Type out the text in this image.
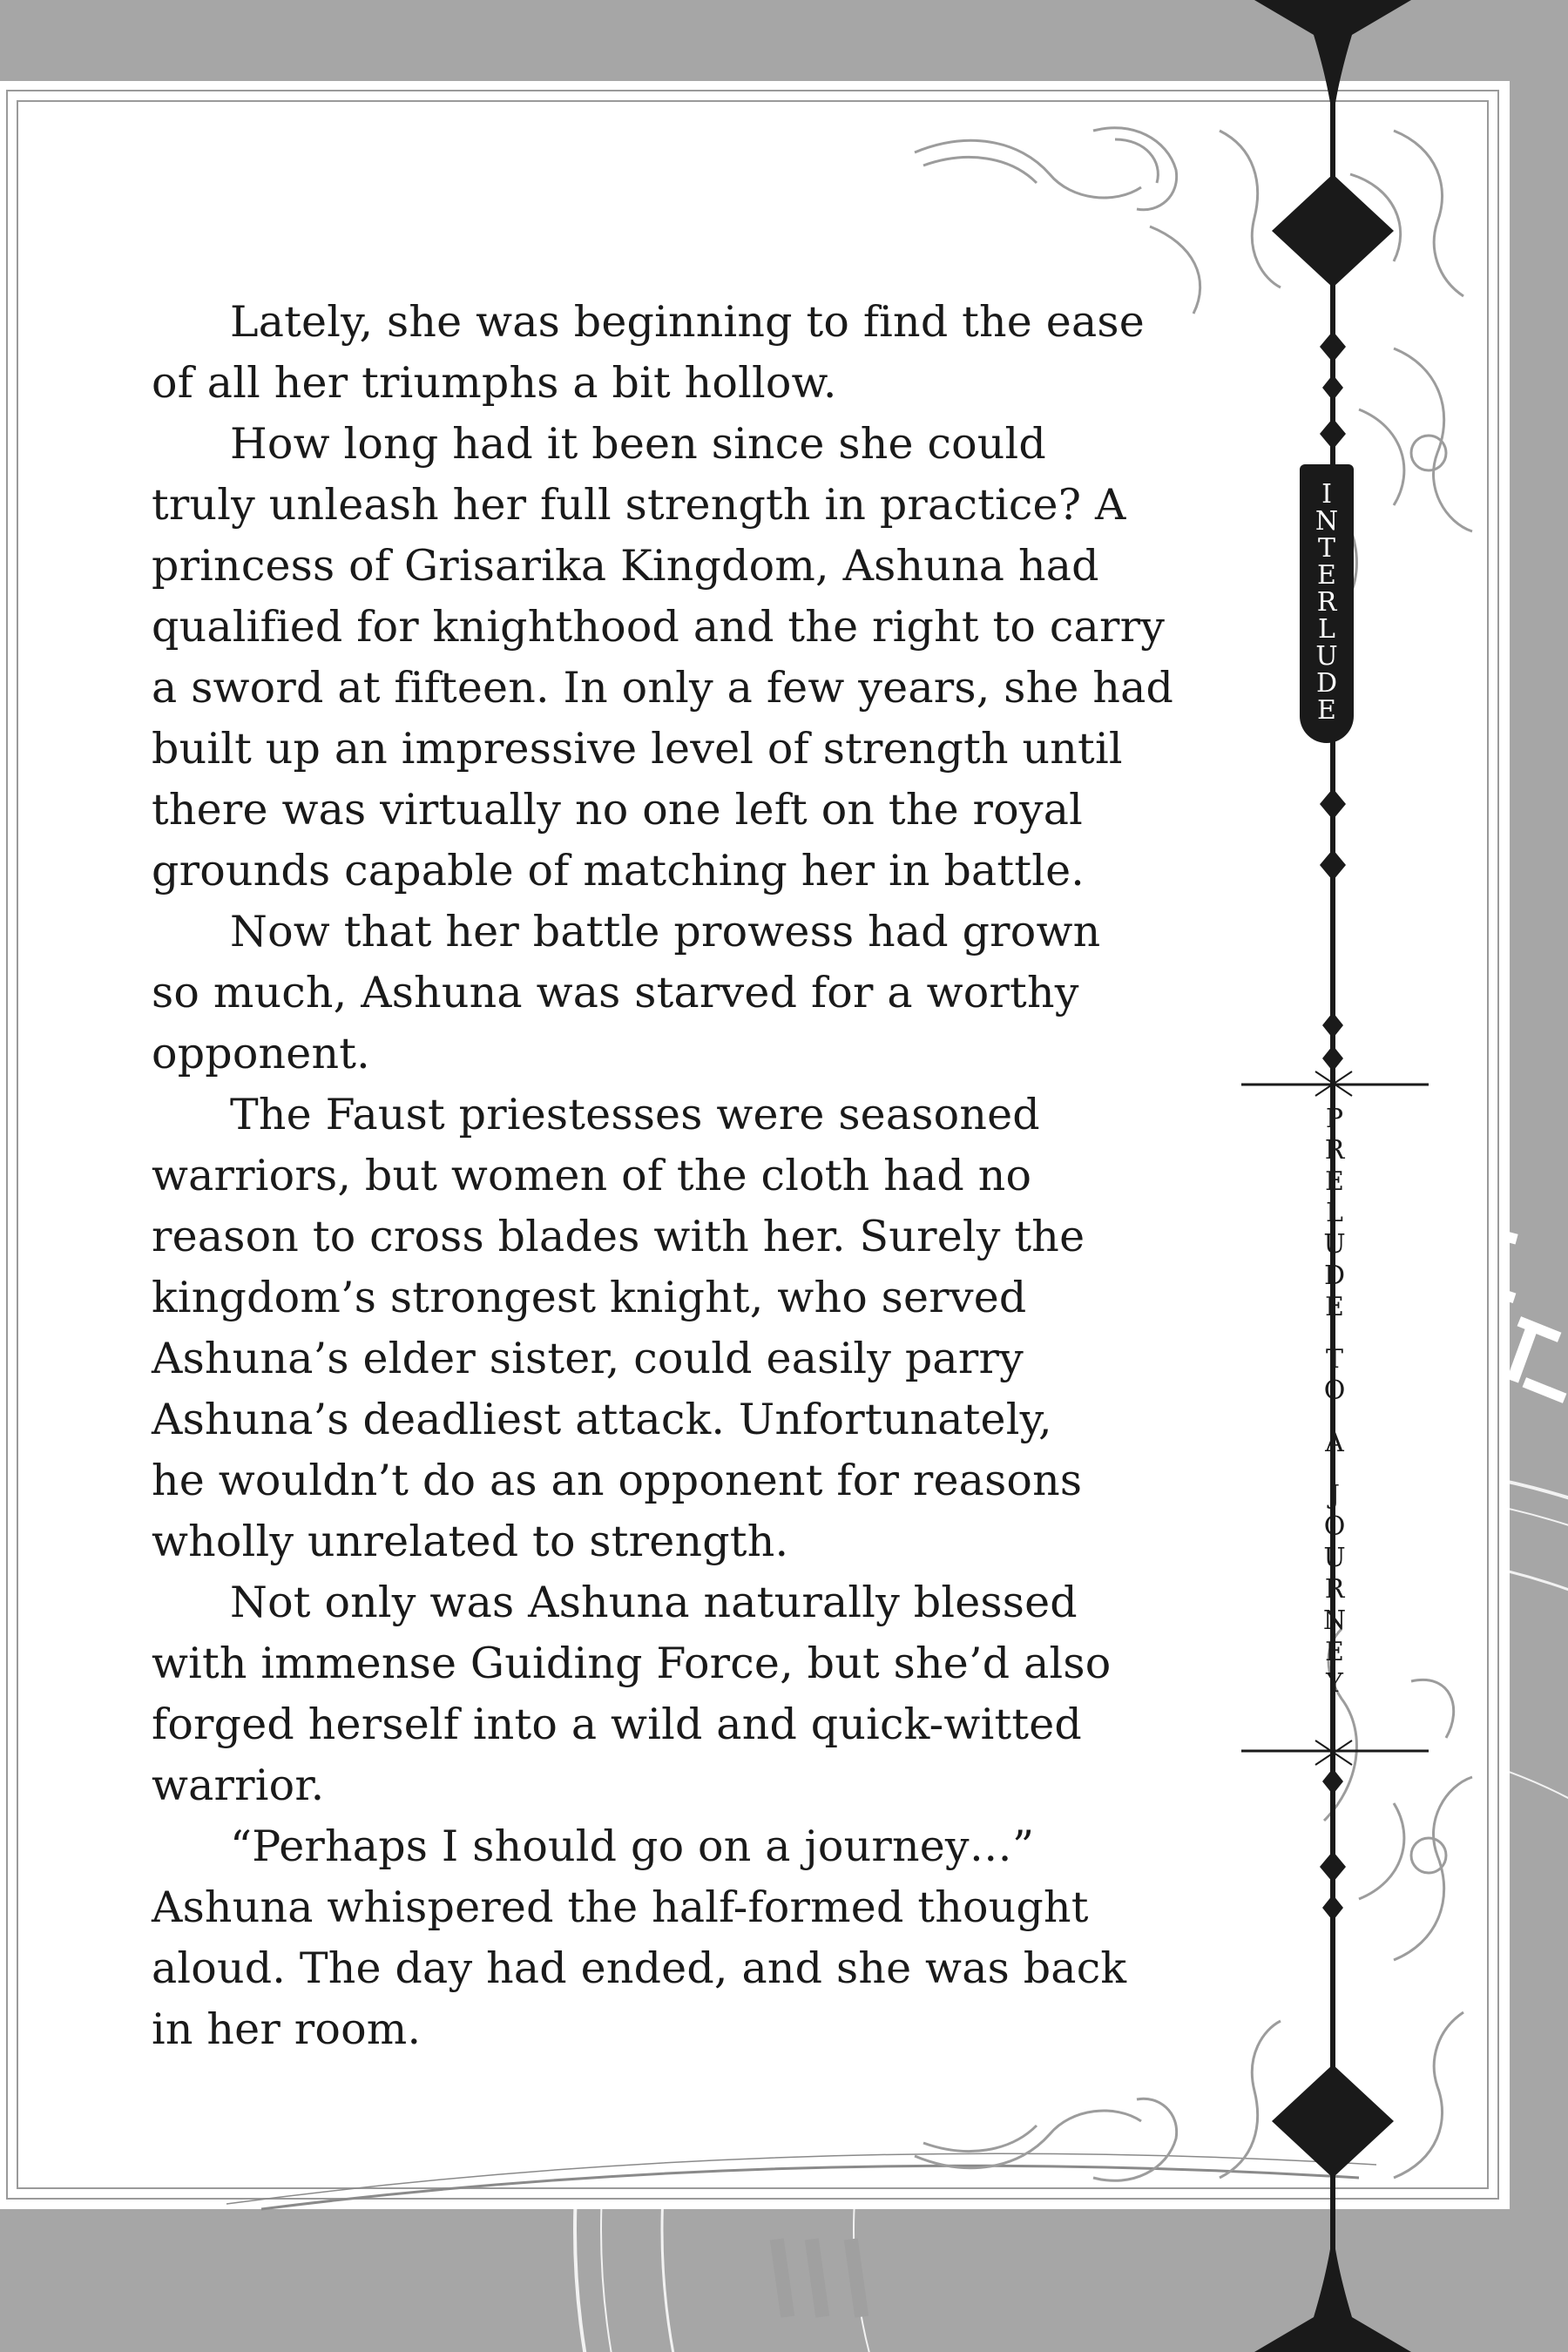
Lately, she was beginning to find the ease
of all her triumphs a bit hollow.

How long had it been since she could
truly unleash her full strength in practice? A
princess of Grisarika Kingdom, Ashuna had
qualified for knighthood and the right to carry
a sword at fifteen. In only a few years, she had
built up an impressive level of strength until
there was virtually no one left on the royal
grounds capable of matching her in battle.

Now that her battle prowess had grown
so much, Ashuna was starved for a worthy
opponent.

The Faust priestesses were seasoned
warriors, but women of the cloth had no
reason to cross blades with her. Surely the
kingdom’s strongest knight, who served
Ashuna’s elder sister, could easily parry
Ashuna’s deadliest attack. Unfortunately,
he wouldn’t do as an opponent for reasons
wholly unrelated to strength.

Not only was Ashuna naturally blessed
with immense Guiding Force, but she’d also
forged herself into a wild and quick-witted
warrior.

“Perhaps I should go on a journey…”
Ashuna whispered the half-formed thought
aloud. The day had ended, and she was back
in her room.

I
N
T
E
R
L
U
D
E
P
R
E
L
U
D
E
T
O
A
J
O
U
R
N
E
Y
